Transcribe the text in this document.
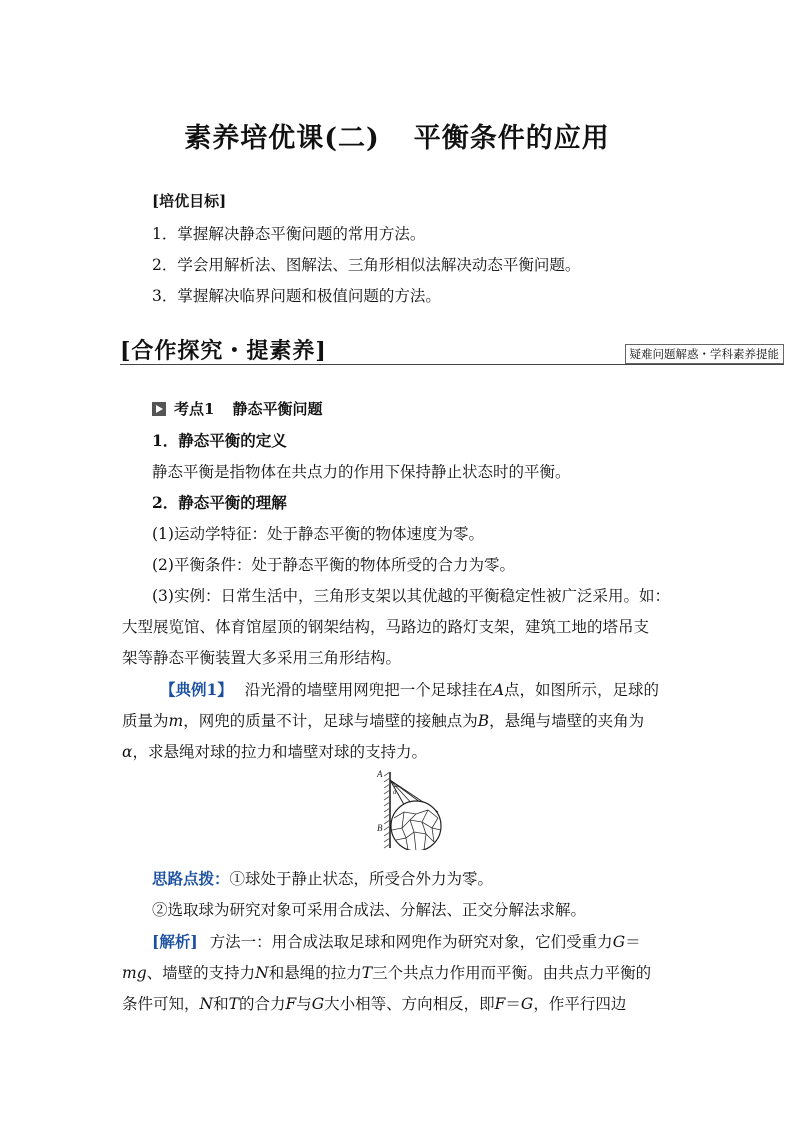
素养培优课(二) 平衡条件的应用
[培优目标]
1．掌握解决静态平衡问题的常用方法。
2．学会用解析法、图解法、三角形相似法解决动态平衡问题。
3．掌握解决临界问题和极值问题的方法。
[合作探究・提素养]	疑难问题解惑・学科素养提能
考点1 静态平衡问题
1．静态平衡的定义
静态平衡是指物体在共点力的作用下保持静止状态时的平衡。
2．静态平衡的理解
(1)运动学特征：处于静态平衡的物体速度为零。
(2)平衡条件：处于静态平衡的物体所受的合力为零。
(3)实例：日常生活中，三角形支架以其优越的平衡稳定性被广泛采用。如：
大型展览馆、体育馆屋顶的钢架结构，马路边的路灯支架，建筑工地的塔吊支
架等静态平衡装置大多采用三角形结构。
【典例1】 沿光滑的墙壁用网兜把一个足球挂在A点，如图所示，足球的
质量为m，网兜的质量不计，足球与墙壁的接触点为B，悬绳与墙壁的夹角为
α，求悬绳对球的拉力和墙壁对球的支持力。
A
α
B
思路点拨：①球处于静止状态，所受合外力为零。
②选取球为研究对象可采用合成法、分解法、正交分解法求解。
[解析] 方法一：用合成法取足球和网兜作为研究对象，它们受重力G＝
mg、墙壁的支持力N和悬绳的拉力T三个共点力作用而平衡。由共点力平衡的
条件可知，N和T的合力F与G大小相等、方向相反，即F＝G，作平行四边
